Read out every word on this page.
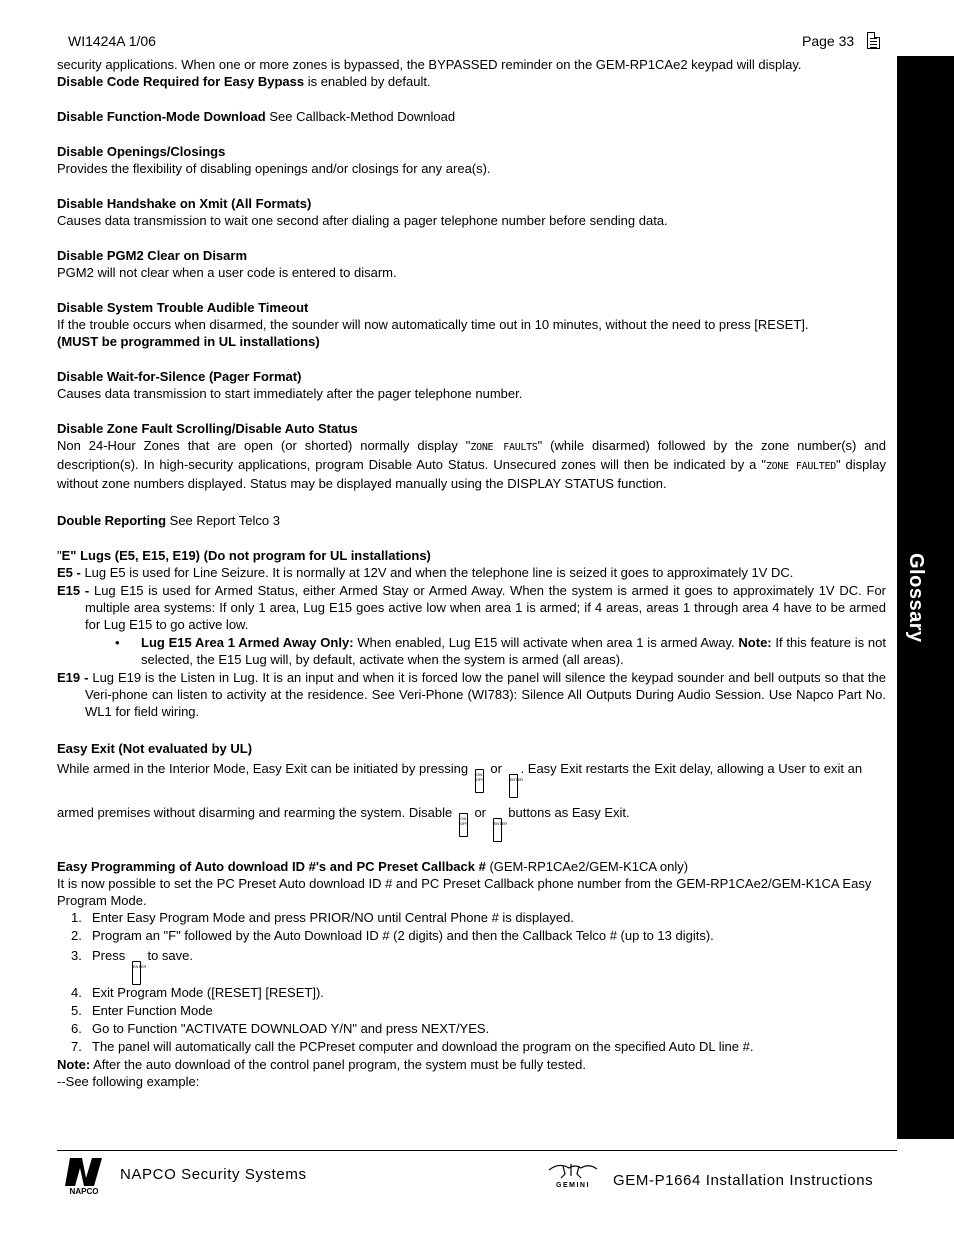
WI1424A 1/06	Page 33
Glossary

security applications. When one or more zones is bypassed, the BYPASSED reminder on the GEM-RP1CAe2 keypad will display.

Disable Code Required for Easy Bypass is enabled by default.

Disable Function-Mode Download See Callback-Method Download

Disable Openings/Closings

Provides the flexibility of disabling openings and/or closings for any area(s).

Disable Handshake on Xmit (All Formats)

Causes data transmission to wait one second after dialing a pager telephone number before sending data.

Disable PGM2 Clear on Disarm

PGM2 will not clear when a user code is entered to disarm.

Disable System Trouble Audible Timeout

If the trouble occurs when disarmed, the sounder will now automatically time out in 10 minutes, without the need to press [RESET].

(MUST be programmed in UL installations)

Disable Wait-for-Silence (Pager Format)

Causes data transmission to start immediately after the pager telephone number.

Disable Zone Fault Scrolling/Disable Auto Status

Non 24-Hour Zones that are open (or shorted) normally display "ZONE FAULTS" (while disarmed) followed by the zone number(s) and description(s). In high-security applications, program Disable Auto Status. Unsecured zones will then be indicated by a "ZONE FAULTED" display without zone numbers displayed. Status may be displayed manually using the DISPLAY STATUS function.

Double Reporting See Report Telco 3

"E" Lugs (E5, E15, E19) (Do not program for UL installations)

E5 - Lug E5 is used for Line Seizure. It is normally at 12V and when the telephone line is seized it goes to approximately 1V DC.

E15 - Lug E15 is used for Armed Status, either Armed Stay or Armed Away. When the system is armed it goes to approximately 1V DC. For multiple area systems: If only 1 area, Lug E15 goes active low when area 1 is armed; if 4 areas, areas 1 through area 4 have to be armed for Lug E15 to go active low.

• Lug E15 Area 1 Armed Away Only: When enabled, Lug E15 will activate when area 1 is armed Away. Note: If this feature is not selected, the E15 Lug will, by default, activate when the system is armed (all areas).

E19 - Lug E19 is the Listen in Lug. It is an input and when it is forced low the panel will silence the keypad sounder and bell outputs so that the Veri-phone can listen to activity at the residence. See Veri-Phone (WI783): Silence All Outputs During Audio Session. Use Napco Part No. WL1 for field wiring.

Easy Exit (Not evaluated by UL)

While armed in the Interior Mode, Easy Exit can be initiated by pressing ON OFF or ENTER. Easy Exit restarts the Exit delay, allowing a User to exit an armed premises without disarming and rearming the system. Disable ON OFF or ENTER buttons as Easy Exit.

Easy Programming of Auto download ID #'s and PC Preset Callback # (GEM-RP1CAe2/GEM-K1CA only)

It is now possible to set the PC Preset Auto download ID # and PC Preset Callback phone number from the GEM-RP1CAe2/GEM-K1CA Easy Program Mode.

1. Enter Easy Program Mode and press PRIOR/NO until Central Phone # is displayed.
2. Program an "F" followed by the Auto Download ID # (2 digits) and then the Callback Telco # (up to 13 digits).
3. Press ENTER to save.
4. Exit Program Mode ([RESET] [RESET]).
5. Enter Function Mode
6. Go to Function "ACTIVATE DOWNLOAD Y/N" and press NEXT/YES.
7. The panel will automatically call the PCPreset computer and download the program on the specified Auto DL line #.

Note: After the auto download of the control panel program, the system must be fully tested.

--See following example:

NAPCO
NAPCO Security Systems
GEMINI GEM-P1664 Installation Instructions
